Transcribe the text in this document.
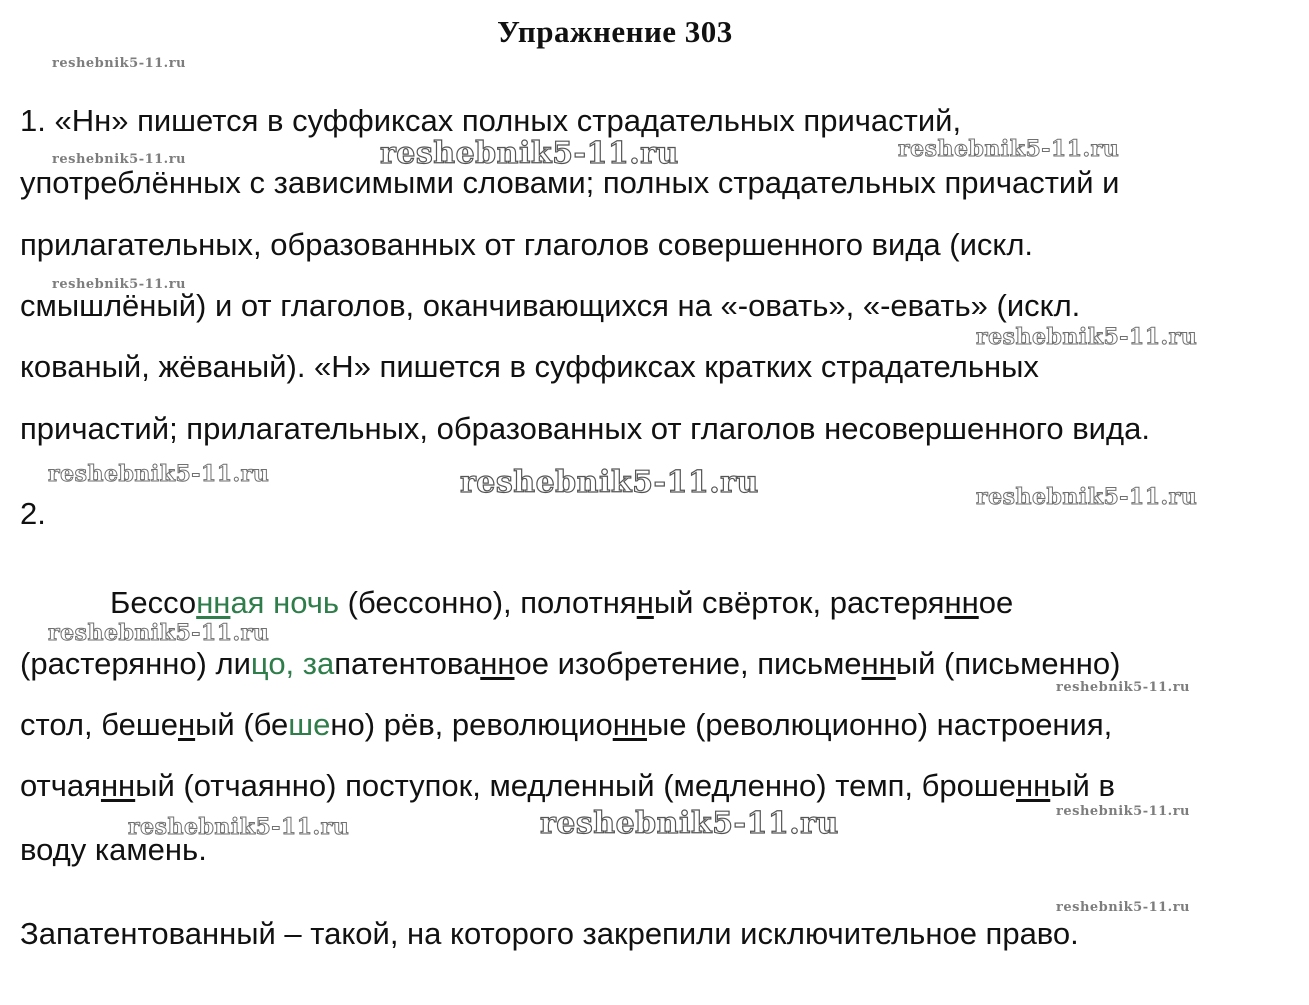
Упражнение 303
1. «Нн» пишется в суффиксах полных страдательных причастий,
употреблённых с зависимыми словами; полных страдательных причастий и
прилагательных, образованных от глаголов совершенного вида (искл.
смышлёный) и от глаголов, оканчивающихся на «-овать», «-евать» (искл.
кованый, жёваный). «Н» пишется в суффиксах кратких страдательных
причастий; прилагательных, образованных от глаголов несовершенного вида.
2.
Бессонная ночь (бессонно), полотняный свёрток, растерянное
(растерянно) лицо, запатентованное изобретение, письменный (письменно)
стол, бешеный (бешено) рёв, революционные (революционно) настроения,
отчаянный (отчаянно) поступок, медленный (медленно) темп, брошенный в
воду камень.
Запатентованный – такой, на которого закрепили исключительное право.
reshebnik5-11.ru
reshebnik5-11.ru	reshebnik5-11.ru	reshebnik5-11.ru
reshebnik5-11.ru
reshebnik5-11.ru
reshebnik5-11.ru	reshebnik5-11.ru	reshebnik5-11.ru
reshebnik5-11.ru
reshebnik5-11.ru
reshebnik5-11.ru
reshebnik5-11.ru	reshebnik5-11.ru
reshebnik5-11.ru
